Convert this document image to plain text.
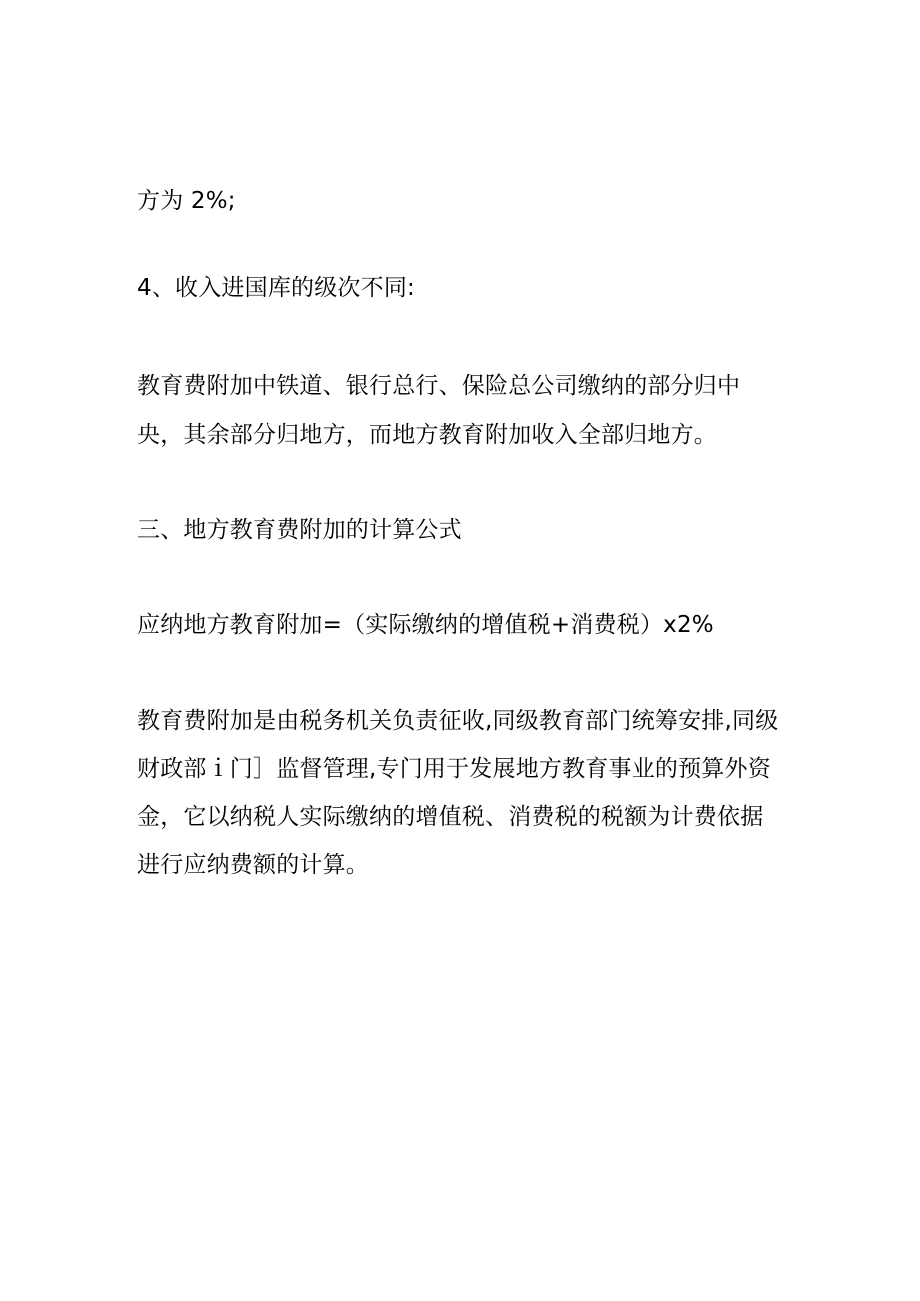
方为 2%;
4、收入进国库的级次不同:
教育费附加中铁道、银行总行、保险总公司缴纳的部分归中
央，其余部分归地方，而地方教育附加收入全部归地方。
三、地方教育费附加的计算公式
应纳地方教育附加=（实际缴纳的增值税+消费税）x2%
教育费附加是由税务机关负责征收,同级教育部门统筹安排,同级
财政部ｉ门］监督管理,专门用于发展地方教育事业的预算外资
金，它以纳税人实际缴纳的增值税、消费税的税额为计费依据
进行应纳费额的计算。
